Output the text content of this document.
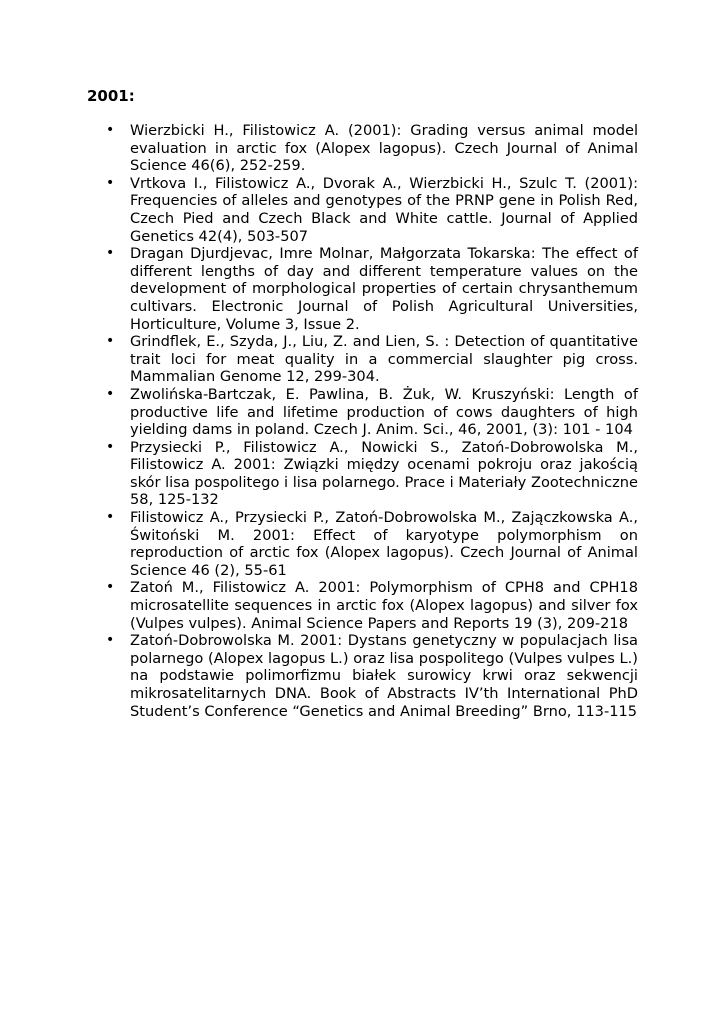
2001:
• Wierzbicki H., Filistowicz A. (2001): Grading versus animal model evaluation in arctic fox (Alopex lagopus). Czech Journal of Animal Science 46(6), 252-259.
• Vrtkova I., Filistowicz A., Dvorak A., Wierzbicki H., Szulc T. (2001): Frequencies of alleles and genotypes of the PRNP gene in Polish Red, Czech Pied and Czech Black and White cattle. Journal of Applied Genetics 42(4), 503-507
• Dragan Djurdjevac, Imre Molnar, Małgorzata Tokarska: The effect of different lengths of day and different temperature values on the development of morphological properties of certain chrysanthemum cultivars. Electronic Journal of Polish Agricultural Universities, Horticulture, Volume 3, Issue 2.
• Grindflek, E., Szyda, J., Liu, Z. and Lien, S. : Detection of quantitative trait loci for meat quality in a commercial slaughter pig cross. Mammalian Genome 12, 299-304.
• Zwolińska-Bartczak, E. Pawlina, B. Żuk, W. Kruszyński: Length of productive life and lifetime production of cows daughters of high yielding dams in poland. Czech J. Anim. Sci., 46, 2001, (3): 101 - 104
• Przysiecki P., Filistowicz A., Nowicki S., Zatoń-Dobrowolska M., Filistowicz A. 2001: Związki między ocenami pokroju oraz jakością skór lisa pospolitego i lisa polarnego. Prace i Materiały Zootechniczne 58, 125-132
• Filistowicz A., Przysiecki P., Zatoń-Dobrowolska M., Zajączkowska A., Świtoński M. 2001: Effect of karyotype polymorphism on reproduction of arctic fox (Alopex lagopus). Czech Journal of Animal Science 46 (2), 55-61
• Zatoń M., Filistowicz A. 2001: Polymorphism of CPH8 and CPH18 microsatellite sequences in arctic fox (Alopex lagopus) and silver fox (Vulpes vulpes). Animal Science Papers and Reports 19 (3), 209-218
• Zatoń-Dobrowolska M. 2001: Dystans genetyczny w populacjach lisa polarnego (Alopex lagopus L.) oraz lisa pospolitego (Vulpes vulpes L.) na podstawie polimorfizmu białek surowicy krwi oraz sekwencji mikrosatelitarnych DNA. Book of Abstracts IV’th International PhD Student’s Conference “Genetics and Animal Breeding” Brno, 113-115
